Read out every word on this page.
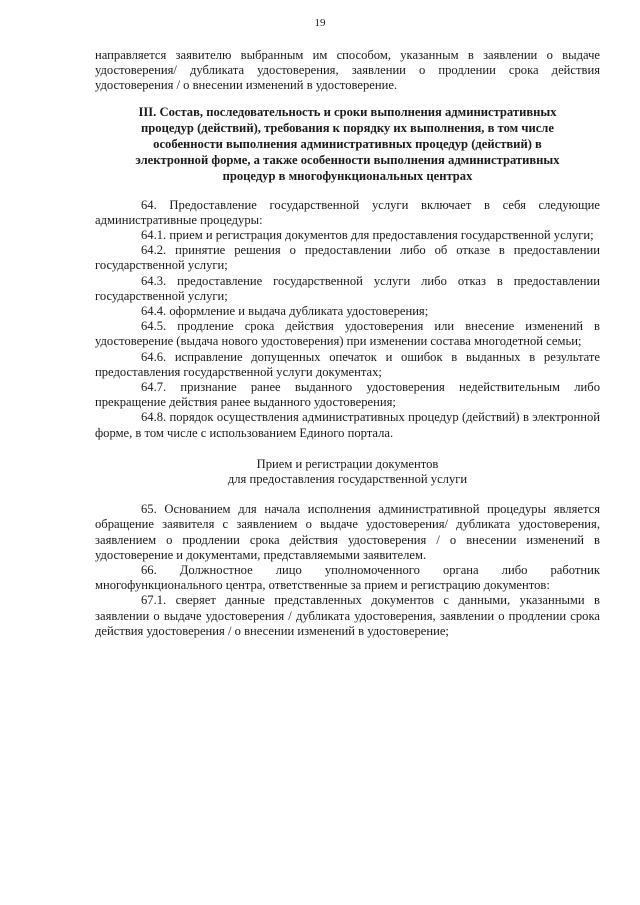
19

направляется заявителю выбранным им способом, указанным в заявлении о выдаче удостоверения/ дубликата удостоверения, заявлении о продлении срока действия удостоверения / о внесении изменений в удостоверение.

III. Состав, последовательность и сроки выполнения административных процедур (действий), требования к порядку их выполнения, в том числе особенности выполнения административных процедур (действий) в электронной форме, а также особенности выполнения административных процедур в многофункциональных центрах

64. Предоставление государственной услуги включает в себя следующие административные процедуры:

64.1. прием и регистрация документов для предоставления государственной услуги;

64.2. принятие решения о предоставлении либо об отказе в предоставлении государственной услуги;

64.3. предоставление государственной услуги либо отказ в предоставлении государственной услуги;

64.4. оформление и выдача дубликата удостоверения;

64.5. продление срока действия удостоверения или внесение изменений в удостоверение (выдача нового удостоверения) при изменении состава многодетной семьи;

64.6. исправление допущенных опечаток и ошибок в выданных в результате предоставления государственной услуги документах;

64.7. признание ранее выданного удостоверения недействительным либо прекращение действия ранее выданного удостоверения;

64.8. порядок осуществления административных процедур (действий) в электронной форме, в том числе с использованием Единого портала.

Прием и регистрации документов
для предоставления государственной услуги

65. Основанием для начала исполнения административной процедуры является обращение заявителя с заявлением о выдаче удостоверения/ дубликата удостоверения, заявлением о продлении срока действия удостоверения / о внесении изменений в удостоверение и документами, представляемыми заявителем.

66. Должностное лицо уполномоченного органа либо работник многофункционального центра, ответственные за прием и регистрацию документов:

67.1. сверяет данные представленных документов с данными, указанными в заявлении о выдаче удостоверения / дубликата удостоверения, заявлении о продлении срока действия удостоверения / о внесении изменений в удостоверение;
